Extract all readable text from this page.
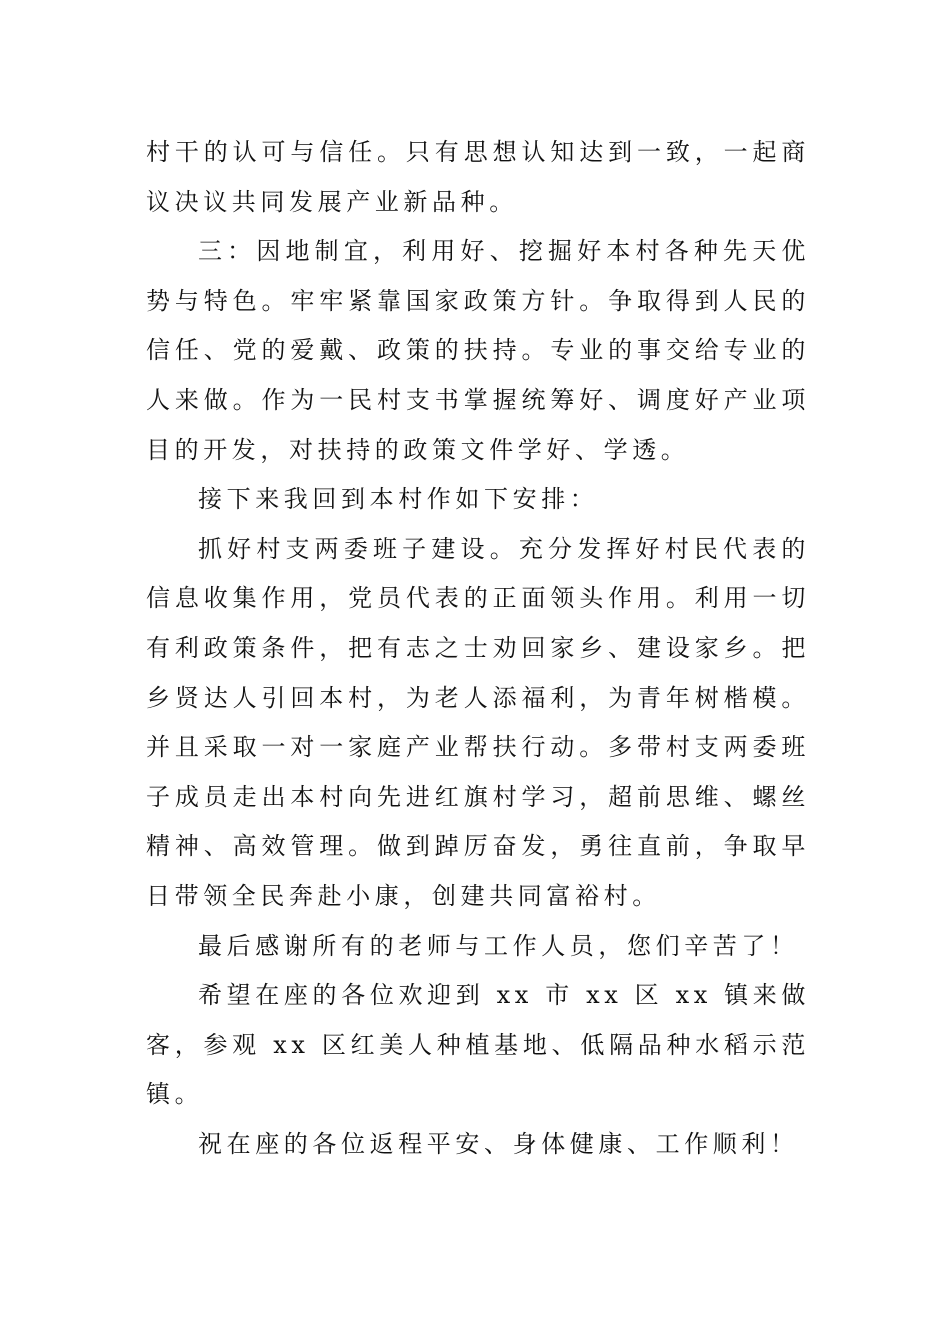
村干的认可与信任。只有思想认知达到一致，一起商议决议共同发展产业新品种。

三：因地制宜，利用好、挖掘好本村各种先天优势与特色。牢牢紧靠国家政策方针。争取得到人民的信任、党的爱戴、政策的扶持。专业的事交给专业的人来做。作为一民村支书掌握统筹好、调度好产业项目的开发，对扶持的政策文件学好、学透。

接下来我回到本村作如下安排：

抓好村支两委班子建设。充分发挥好村民代表的信息收集作用，党员代表的正面领头作用。利用一切有利政策条件，把有志之士劝回家乡、建设家乡。把乡贤达人引回本村，为老人添福利，为青年树楷模。并且采取一对一家庭产业帮扶行动。多带村支两委班子成员走出本村向先进红旗村学习，超前思维、螺丝精神、高效管理。做到踔厉奋发，勇往直前，争取早日带领全民奔赴小康，创建共同富裕村。

最后感谢所有的老师与工作人员，您们辛苦了！

希望在座的各位欢迎到 xx 市 xx 区 xx 镇来做客，参观 xx 区红美人种植基地、低隔品种水稻示范镇。

祝在座的各位返程平安、身体健康、工作顺利！
